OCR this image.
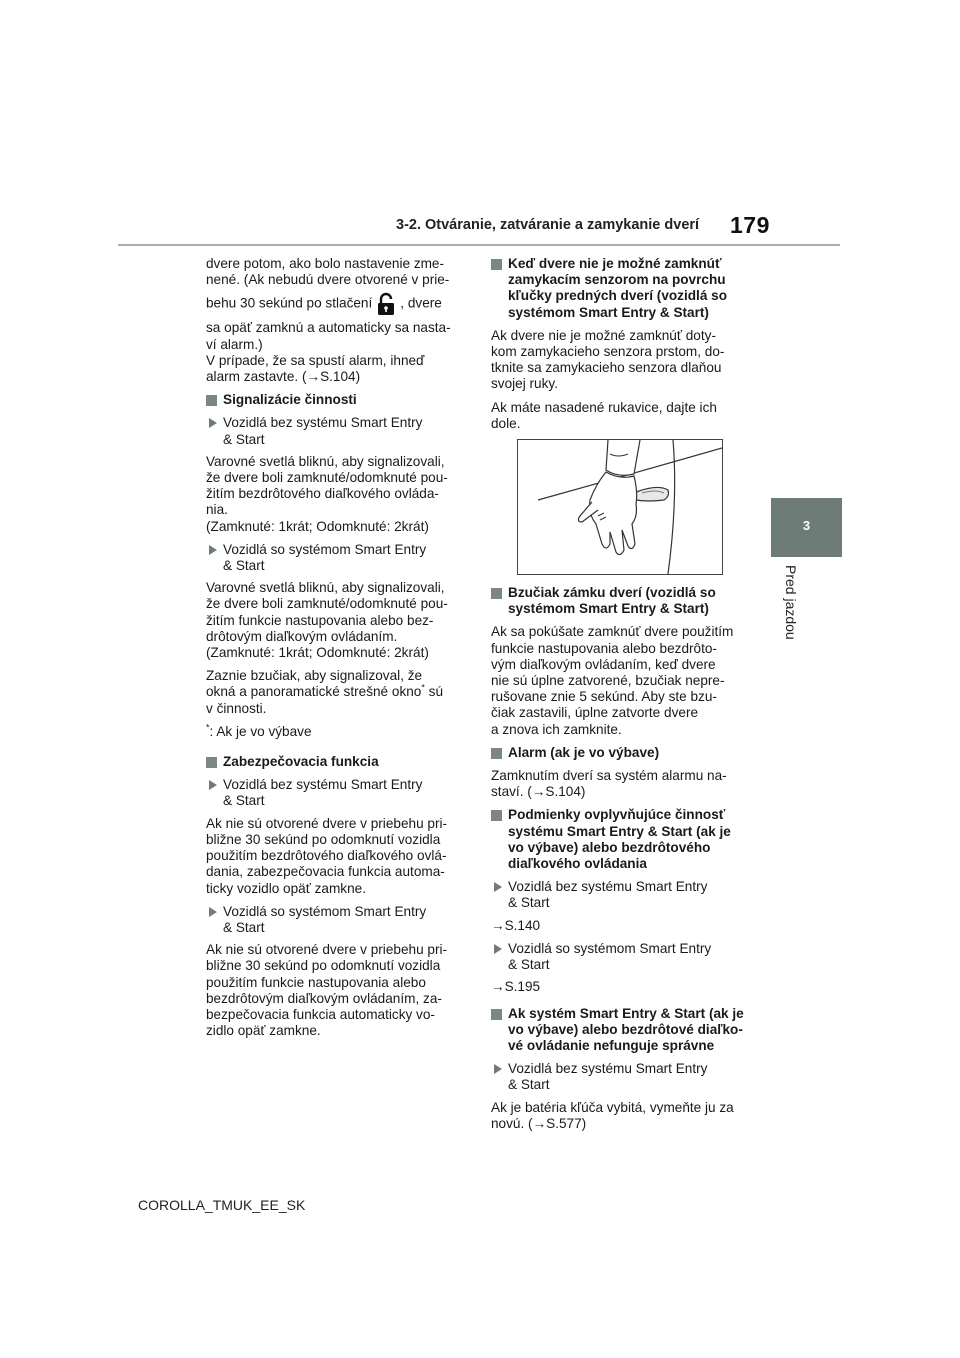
3-2. Otváranie, zatváranie a zamykanie dverí 179
3
Pred jazdou

dvere potom, ako bolo nastavenie zme-
nené. (Ak nebudú dvere otvorené v prie-

behu 30 sekúnd po stlačení , dvere

sa opäť zamknú a automaticky sa nasta-
ví alarm.)
V prípade, že sa spustí alarm, ihneď
alarm zastavte. (→S.104)

Signalizácie činnosti
Vozidlá bez systému Smart Entry
& Start

Varovné svetlá bliknú, aby signalizovali,
že dvere boli zamknuté/odomknuté pou-
žitím bezdrôtového diaľkového ovláda-
nia.
(Zamknuté: 1krát; Odomknuté: 2krát)

Vozidlá so systémom Smart Entry
& Start

Varovné svetlá bliknú, aby signalizovali,
že dvere boli zamknuté/odomknuté pou-
žitím funkcie nastupovania alebo bez-
drôtovým diaľkovým ovládaním.
(Zamknuté: 1krát; Odomknuté: 2krát)

Zaznie bzučiak, aby signalizoval, že
okná a panoramatické strešné okno* sú
v činnosti.

*: Ak je vo výbave

Zabezpečovacia funkcia
Vozidlá bez systému Smart Entry
& Start

Ak nie sú otvorené dvere v priebehu pri-
bližne 30 sekúnd po odomknutí vozidla
použitím bezdrôtového diaľkového ovlá-
dania, zabezpečovacia funkcia automa-
ticky vozidlo opäť zamkne.

Vozidlá so systémom Smart Entry
& Start

Ak nie sú otvorené dvere v priebehu pri-
bližne 30 sekúnd po odomknutí vozidla
použitím funkcie nastupovania alebo
bezdrôtovým diaľkovým ovládaním, za-
bezpečovacia funkcia automaticky vo-
zidlo opäť zamkne.

Keď dvere nie je možné zamknúť
zamykacím senzorom na povrchu
kľučky predných dverí (vozidlá so
systémom Smart Entry & Start)

Ak dvere nie je možné zamknúť doty-
kom zamykacieho senzora prstom, do-
tknite sa zamykacieho senzora dlaňou
svojej ruky.

Ak máte nasadené rukavice, dajte ich
dole.

Bzučiak zámku dverí (vozidlá so
systémom Smart Entry & Start)

Ak sa pokúšate zamknúť dvere použitím
funkcie nastupovania alebo bezdrôto-
vým diaľkovým ovládaním, keď dvere
nie sú úplne zatvorené, bzučiak nepre-
rušovane znie 5 sekúnd. Aby ste bzu-
čiak zastavili, úplne zatvorte dvere
a znova ich zamknite.

Alarm (ak je vo výbave)

Zamknutím dverí sa systém alarmu na-
staví. (→S.104)

Podmienky ovplyvňujúce činnosť
systému Smart Entry & Start (ak je
vo výbave) alebo bezdrôtového
diaľkového ovládania
Vozidlá bez systému Smart Entry
& Start

→S.140

Vozidlá so systémom Smart Entry
& Start

→S.195

Ak systém Smart Entry & Start (ak je
vo výbave) alebo bezdrôtové diaľko-
vé ovládanie nefunguje správne
Vozidlá bez systému Smart Entry
& Start

Ak je batéria kľúča vybitá, vymeňte ju za
novú. (→S.577)

COROLLA_TMUK_EE_SK
